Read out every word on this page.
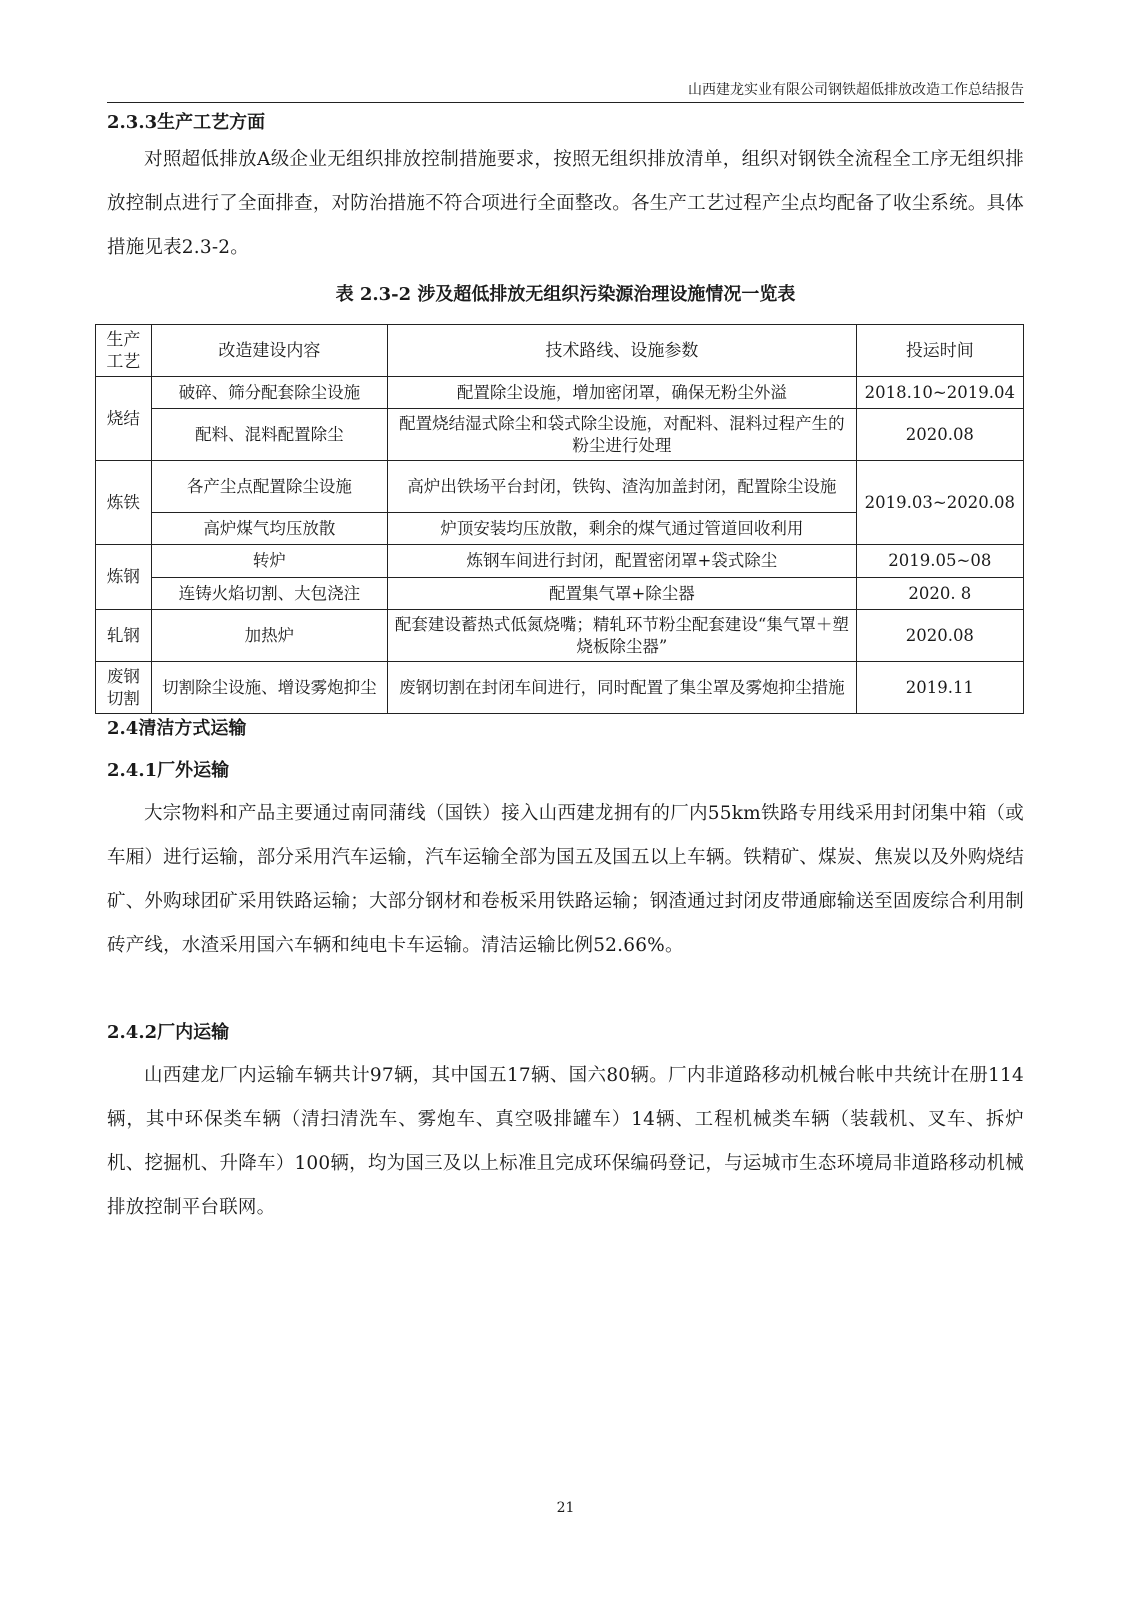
山西建龙实业有限公司钢铁超低排放改造工作总结报告
2.3.3生产工艺方面

对照超低排放A级企业无组织排放控制措施要求，按照无组织排放清单，组织对钢铁全流程全工序无组织排放控制点进行了全面排查，对防治措施不符合项进行全面整改。各生产工艺过程产尘点均配备了收尘系统。具体措施见表2.3-2。

表 2.3-2 涉及超低排放无组织污染源治理设施情况一览表
生产工艺	改造建设内容	技术路线、设施参数	投运时间
烧结	破碎、筛分配套除尘设施	配置除尘设施，增加密闭罩，确保无粉尘外溢	2018.10~2019.04
	配料、混料配置除尘	配置烧结湿式除尘和袋式除尘设施，对配料、混料过程产生的粉尘进行处理	2020.08
炼铁	各产尘点配置除尘设施	高炉出铁场平台封闭，铁钩、渣沟加盖封闭，配置除尘设施	2019.03~2020.08
	高炉煤气均压放散	炉顶安装均压放散，剩余的煤气通过管道回收利用	
炼钢	转炉	炼钢车间进行封闭，配置密闭罩+袋式除尘	2019.05~08
	连铸火焰切割、大包浇注	配置集气罩+除尘器	2020. 8
轧钢	加热炉	配套建设蓄热式低氮烧嘴；精轧环节粉尘配套建设“集气罩＋塑烧板除尘器”	2020.08
废钢切割	切割除尘设施、增设雾炮抑尘	废钢切割在封闭车间进行，同时配置了集尘罩及雾炮抑尘措施	2019.11
2.4清洁方式运输
2.4.1厂外运输

大宗物料和产品主要通过南同蒲线（国铁）接入山西建龙拥有的厂内55km铁路专用线采用封闭集中箱（或车厢）进行运输，部分采用汽车运输，汽车运输全部为国五及国五以上车辆。铁精矿、煤炭、焦炭以及外购烧结矿、外购球团矿采用铁路运输；大部分钢材和卷板采用铁路运输；钢渣通过封闭皮带通廊输送至固废综合利用制砖产线，水渣采用国六车辆和纯电卡车运输。清洁运输比例52.66%。

2.4.2厂内运输

山西建龙厂内运输车辆共计97辆，其中国五17辆、国六80辆。厂内非道路移动机械台帐中共统计在册114辆，其中环保类车辆（清扫清洗车、雾炮车、真空吸排罐车）14辆、工程机械类车辆（装载机、叉车、拆炉机、挖掘机、升降车）100辆，均为国三及以上标准且完成环保编码登记，与运城市生态环境局非道路移动机械排放控制平台联网。

21
